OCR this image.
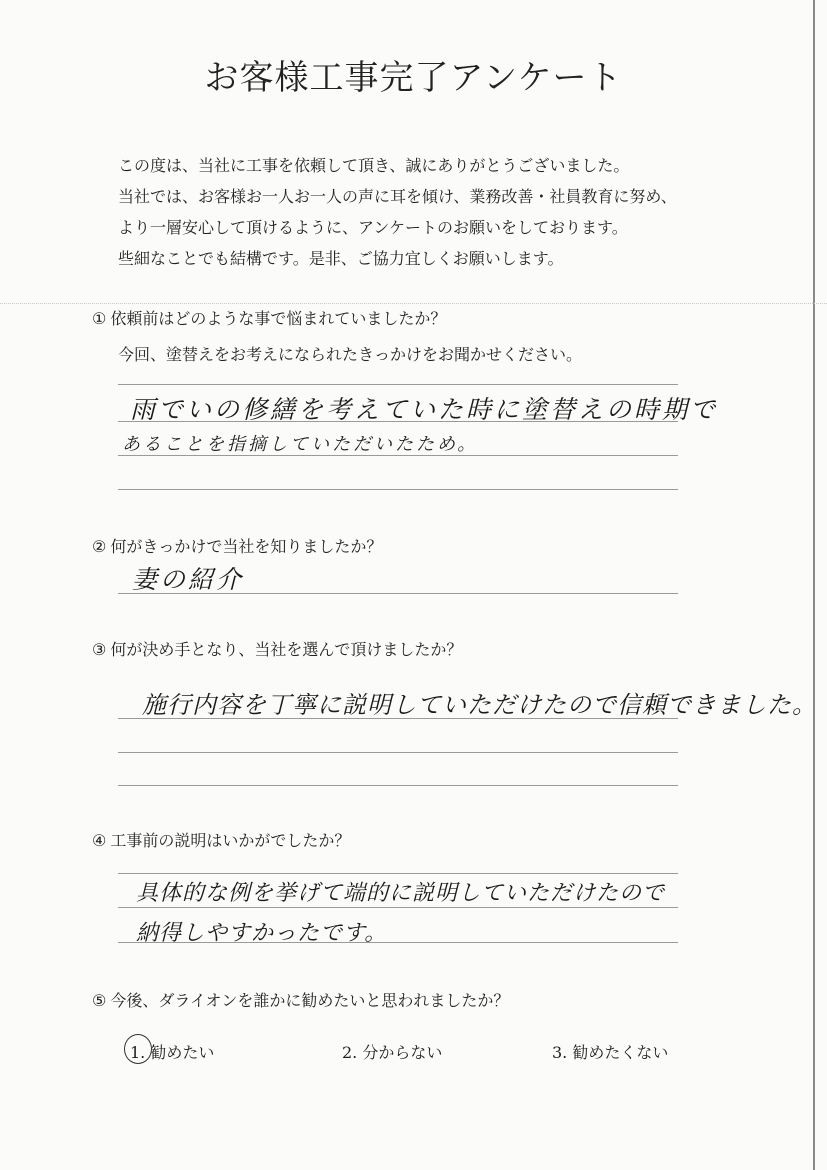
お客様工事完了アンケート
この度は、当社に工事を依頼して頂き、誠にありがとうございました。
当社では、お客様お一人お一人の声に耳を傾け、業務改善・社員教育に努め、
より一層安心して頂けるように、アンケートのお願いをしております。
些細なことでも結構です。是非、ご協力宜しくお願いします。
① 依頼前はどのような事で悩まれていましたか？
今回、塗替えをお考えになられたきっかけをお聞かせください。
雨でいの修繕を考えていた時に塗替えの時期で
あることを指摘していただいたため。
② 何がきっかけで当社を知りましたか？
妻の紹介
③ 何が決め手となり、当社を選んで頂けましたか？
施行内容を丁寧に説明していただけたので信頼できました。
④ 工事前の説明はいかがでしたか？
具体的な例を挙げて端的に説明していただけたので
納得しやすかったです。
⑤ 今後、ダライオンを誰かに勧めたいと思われましたか？
1. 勧めたい	2. 分からない	3. 勧めたくない
